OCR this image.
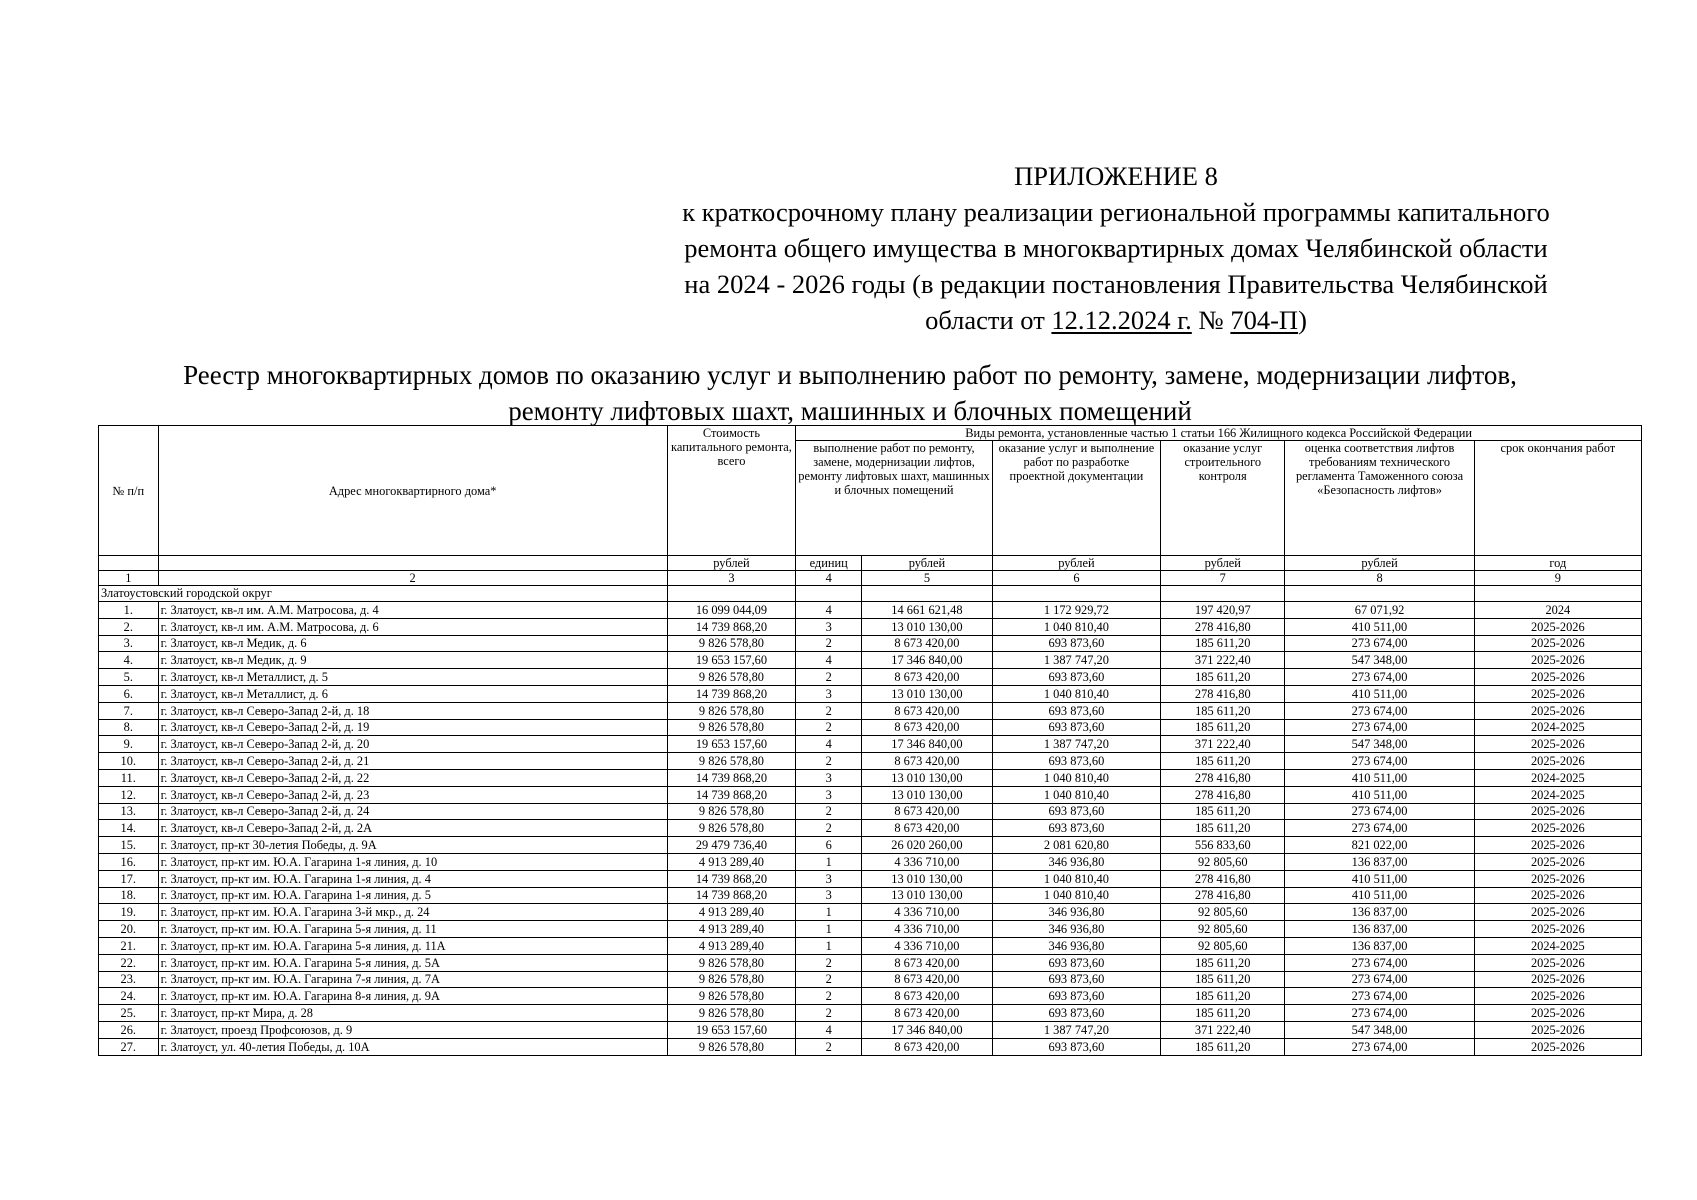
ПРИЛОЖЕНИЕ 8
к краткосрочному плану реализации региональной программы капитального
ремонта общего имущества в многоквартирных домах Челябинской области
на 2024 - 2026 годы (в редакции постановления Правительства Челябинской
области от 12.12.2024 г. № 704-П)
Реестр многоквартирных домов по оказанию услуг и выполнению работ по ремонту, замене, модернизации лифтов,
ремонту лифтовых шахт, машинных и блочных помещений
№ п/п	Адрес многоквартирного дома*	Стоимость капитального ремонта, всего	Виды ремонта, установленные частью 1 статьи 166 Жилищного кодекса Российской Федерации					
			выполнение работ по ремонту, замене, модернизации лифтов, ремонту лифтовых шахт, машинных и блочных помещений		оказание услуг и выполнение работ по разработке проектной документации	оказание услуг строительного контроля	оценка соответствия лифтов требованиям технического регламента Таможенного союза «Безопасность лифтов»	срок окончания работ
		рублей	единиц	рублей	рублей	рублей	рублей	год
1	2	3	4	5	6	7	8	9
Златоустовский городской округ								
1.	г. Златоуст, кв-л им. А.М. Матросова, д. 4	16 099 044,09	4	14 661 621,48	1 172 929,72	197 420,97	67 071,92	2024
2.	г. Златоуст, кв-л им. А.М. Матросова, д. 6	14 739 868,20	3	13 010 130,00	1 040 810,40	278 416,80	410 511,00	2025-2026
3.	г. Златоуст, кв-л Медик, д. 6	9 826 578,80	2	8 673 420,00	693 873,60	185 611,20	273 674,00	2025-2026
4.	г. Златоуст, кв-л Медик, д. 9	19 653 157,60	4	17 346 840,00	1 387 747,20	371 222,40	547 348,00	2025-2026
5.	г. Златоуст, кв-л Металлист, д. 5	9 826 578,80	2	8 673 420,00	693 873,60	185 611,20	273 674,00	2025-2026
6.	г. Златоуст, кв-л Металлист, д. 6	14 739 868,20	3	13 010 130,00	1 040 810,40	278 416,80	410 511,00	2025-2026
7.	г. Златоуст, кв-л Северо-Запад 2-й, д. 18	9 826 578,80	2	8 673 420,00	693 873,60	185 611,20	273 674,00	2025-2026
8.	г. Златоуст, кв-л Северо-Запад 2-й, д. 19	9 826 578,80	2	8 673 420,00	693 873,60	185 611,20	273 674,00	2024-2025
9.	г. Златоуст, кв-л Северо-Запад 2-й, д. 20	19 653 157,60	4	17 346 840,00	1 387 747,20	371 222,40	547 348,00	2025-2026
10.	г. Златоуст, кв-л Северо-Запад 2-й, д. 21	9 826 578,80	2	8 673 420,00	693 873,60	185 611,20	273 674,00	2025-2026
11.	г. Златоуст, кв-л Северо-Запад 2-й, д. 22	14 739 868,20	3	13 010 130,00	1 040 810,40	278 416,80	410 511,00	2024-2025
12.	г. Златоуст, кв-л Северо-Запад 2-й, д. 23	14 739 868,20	3	13 010 130,00	1 040 810,40	278 416,80	410 511,00	2024-2025
13.	г. Златоуст, кв-л Северо-Запад 2-й, д. 24	9 826 578,80	2	8 673 420,00	693 873,60	185 611,20	273 674,00	2025-2026
14.	г. Златоуст, кв-л Северо-Запад 2-й, д. 2А	9 826 578,80	2	8 673 420,00	693 873,60	185 611,20	273 674,00	2025-2026
15.	г. Златоуст, пр-кт 30-летия Победы, д. 9А	29 479 736,40	6	26 020 260,00	2 081 620,80	556 833,60	821 022,00	2025-2026
16.	г. Златоуст, пр-кт им. Ю.А. Гагарина 1-я линия, д. 10	4 913 289,40	1	4 336 710,00	346 936,80	92 805,60	136 837,00	2025-2026
17.	г. Златоуст, пр-кт им. Ю.А. Гагарина 1-я линия, д. 4	14 739 868,20	3	13 010 130,00	1 040 810,40	278 416,80	410 511,00	2025-2026
18.	г. Златоуст, пр-кт им. Ю.А. Гагарина 1-я линия, д. 5	14 739 868,20	3	13 010 130,00	1 040 810,40	278 416,80	410 511,00	2025-2026
19.	г. Златоуст, пр-кт им. Ю.А. Гагарина 3-й мкр., д. 24	4 913 289,40	1	4 336 710,00	346 936,80	92 805,60	136 837,00	2025-2026
20.	г. Златоуст, пр-кт им. Ю.А. Гагарина 5-я линия, д. 11	4 913 289,40	1	4 336 710,00	346 936,80	92 805,60	136 837,00	2025-2026
21.	г. Златоуст, пр-кт им. Ю.А. Гагарина 5-я линия, д. 11А	4 913 289,40	1	4 336 710,00	346 936,80	92 805,60	136 837,00	2024-2025
22.	г. Златоуст, пр-кт им. Ю.А. Гагарина 5-я линия, д. 5А	9 826 578,80	2	8 673 420,00	693 873,60	185 611,20	273 674,00	2025-2026
23.	г. Златоуст, пр-кт им. Ю.А. Гагарина 7-я линия, д. 7А	9 826 578,80	2	8 673 420,00	693 873,60	185 611,20	273 674,00	2025-2026
24.	г. Златоуст, пр-кт им. Ю.А. Гагарина 8-я линия, д. 9А	9 826 578,80	2	8 673 420,00	693 873,60	185 611,20	273 674,00	2025-2026
25.	г. Златоуст, пр-кт Мира, д. 28	9 826 578,80	2	8 673 420,00	693 873,60	185 611,20	273 674,00	2025-2026
26.	г. Златоуст, проезд Профсоюзов, д. 9	19 653 157,60	4	17 346 840,00	1 387 747,20	371 222,40	547 348,00	2025-2026
27.	г. Златоуст, ул. 40-летия Победы, д. 10А	9 826 578,80	2	8 673 420,00	693 873,60	185 611,20	273 674,00	2025-2026
